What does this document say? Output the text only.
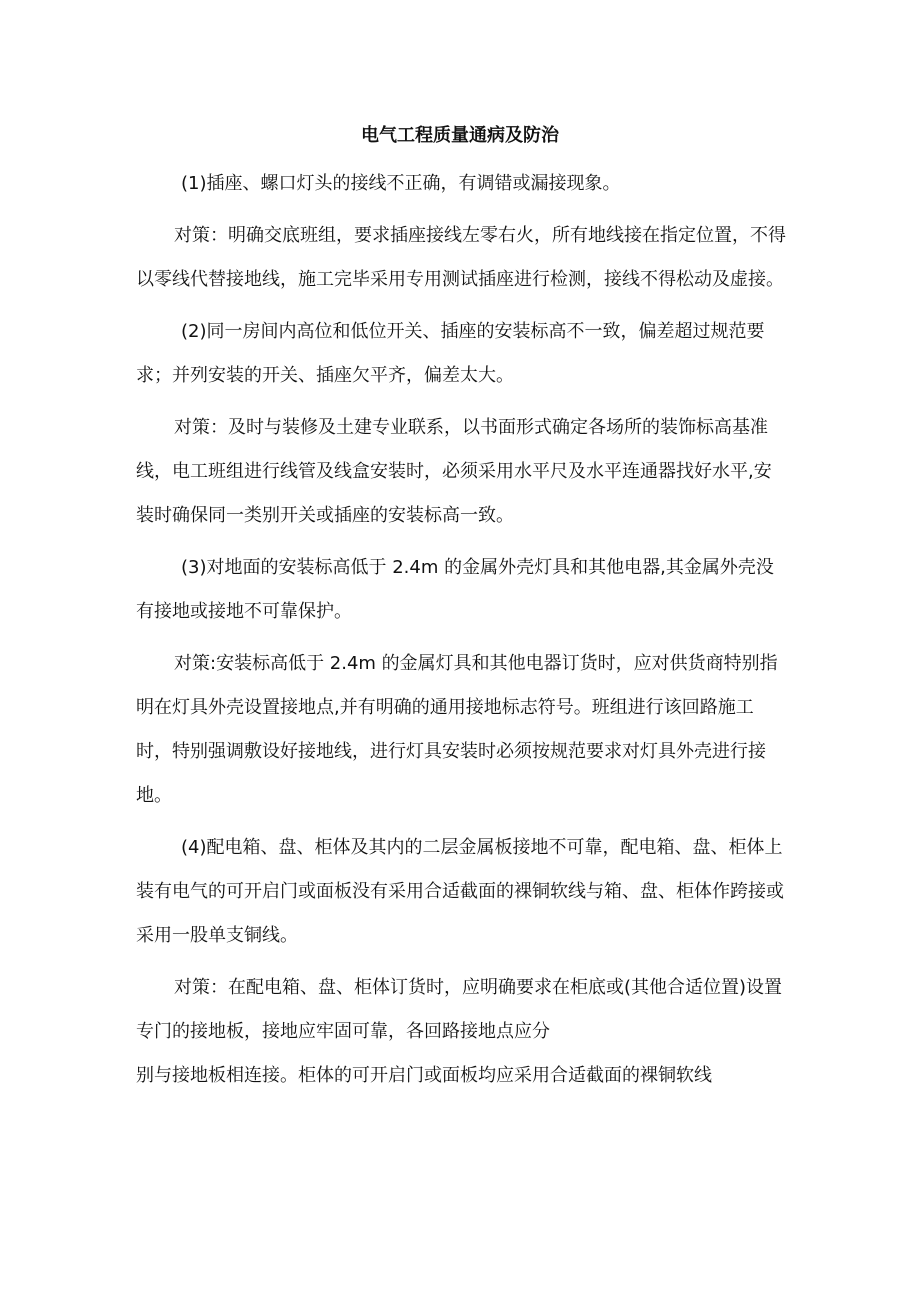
电气工程质量通病及防治

(1)插座、螺口灯头的接线不正确，有调错或漏接现象。

对策：明确交底班组，要求插座接线左零右火，所有地线接在指定位置，不得以零线代替接地线，施工完毕采用专用测试插座进行检测，接线不得松动及虚接。

(2)同一房间内高位和低位开关、插座的安装标高不一致，偏差超过规范要求；并列安装的开关、插座欠平齐，偏差太大。

对策：及时与装修及土建专业联系，以书面形式确定各场所的装饰标高基准线，电工班组进行线管及线盒安装时，必须采用水平尺及水平连通器找好水平,安装时确保同一类别开关或插座的安装标高一致。

(3)对地面的安装标高低于 2.4m 的金属外壳灯具和其他电器,其金属外壳没有接地或接地不可靠保护。

对策:安装标高低于 2.4m 的金属灯具和其他电器订货时，应对供货商特别指明在灯具外壳设置接地点,并有明确的通用接地标志符号。班组进行该回路施工时，特别强调敷设好接地线，进行灯具安装时必须按规范要求对灯具外壳进行接地。

(4)配电箱、盘、柜体及其内的二层金属板接地不可靠，配电箱、盘、柜体上装有电气的可开启门或面板没有采用合适截面的裸铜软线与箱、盘、柜体作跨接或采用一股单支铜线。

对策：在配电箱、盘、柜体订货时，应明确要求在柜底或(其他合适位置)设置专门的接地板，接地应牢固可靠，各回路接地点应分

别与接地板相连接。柜体的可开启门或面板均应采用合适截面的裸铜软线
